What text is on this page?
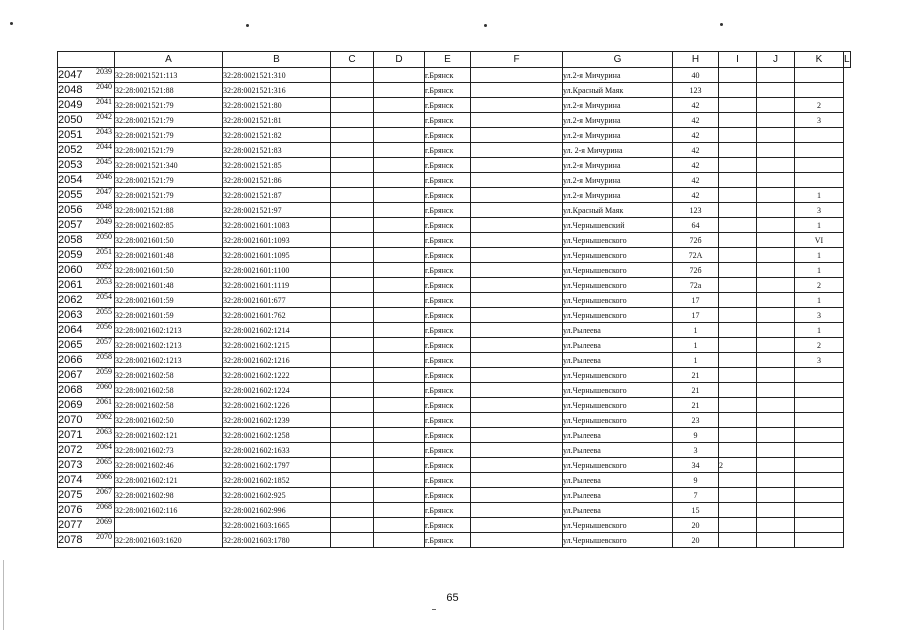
	A	B	C	D	E	F	G	H	I	J	K	L
2047 2039	32:28:0021521:113	32:28:0021521:310			г.Брянск		ул.2-я Мичурина	40				
2048 2040	32:28:0021521:88	32:28:0021521:316			г.Брянск		ул.Красный Маяк	123				
2049 2041	32:28:0021521:79	32:28:0021521:80			г.Брянск		ул.2-я Мичурина	42			2	
2050 2042	32:28:0021521:79	32:28:0021521:81			г.Брянск		ул.2-я Мичурина	42			3	
2051 2043	32:28:0021521:79	32:28:0021521:82			г.Брянск		ул.2-я Мичурина	42				
2052 2044	32:28:0021521:79	32:28:0021521:83			г.Брянск		ул. 2-я Мичурина	42				
2053 2045	32:28:0021521:340	32:28:0021521:85			г.Брянск		ул.2-я Мичурина	42				
2054 2046	32:28:0021521:79	32:28:0021521:86			г.Брянск		ул.2-я Мичурина	42				
2055 2047	32:28:0021521:79	32:28:0021521:87			г.Брянск		ул.2-я Мичурина	42			1	
2056 2048	32:28:0021521:88	32:28:0021521:97			г.Брянск		ул.Красный Маяк	123			3	
2057 2049	32:28:0021602:85	32:28:0021601:1083			г.Брянск		ул.Чернышевский	64			1	
2058 2050	32:28:0021601:50	32:28:0021601:1093			г.Брянск		ул.Чернышевского	72б			VI	
2059 2051	32:28:0021601:48	32:28:0021601:1095			г.Брянск		ул.Чернышевского	72А			1	
2060 2052	32:28:0021601:50	32:28:0021601:1100			г.Брянск		ул.Чернышевского	72б			1	
2061 2053	32:28:0021601:48	32:28:0021601:1119			г.Брянск		ул.Чернышевского	72а			2	
2062 2054	32:28:0021601:59	32:28:0021601:677			г.Брянск		ул.Чернышевского	17			1	
2063 2055	32:28:0021601:59	32:28:0021601:762			г.Брянск		ул.Чернышевского	17			3	
2064 2056	32:28:0021602:1213	32:28:0021602:1214			г.Брянск		ул.Рылеева	1			1	
2065 2057	32:28:0021602:1213	32:28:0021602:1215			г.Брянск		ул.Рылеева	1			2	
2066 2058	32:28:0021602:1213	32:28:0021602:1216			г.Брянск		ул.Рылеева	1			3	
2067 2059	32:28:0021602:58	32:28:0021602:1222			г.Брянск		ул.Чернышевского	21				
2068 2060	32:28:0021602:58	32:28:0021602:1224			г.Брянск		ул.Чернышевского	21				
2069 2061	32:28:0021602:58	32:28:0021602:1226			г.Брянск		ул.Чернышевского	21				
2070 2062	32:28:0021602:50	32:28:0021602:1239			г.Брянск		ул.Чернышевского	23				
2071 2063	32:28:0021602:121	32:28:0021602:1258			г.Брянск		ул.Рылеева	9				
2072 2064	32:28:0021602:73	32:28:0021602:1633			г.Брянск		ул.Рылеева	3				
2073 2065	32:28:0021602:46	32:28:0021602:1797			г.Брянск		ул.Чернышевского	34	2			
2074 2066	32:28:0021602:121	32:28:0021602:1852			г.Брянск		ул.Рылеева	9				
2075 2067	32:28:0021602:98	32:28:0021602:925			г.Брянск		ул.Рылеева	7				
2076 2068	32:28:0021602:116	32:28:0021602:996			г.Брянск		ул.Рылеева	15				
2077 2069		32:28:0021603:1665			г.Брянск		ул.Чернышевского	20				
2078 2070	32:28:0021603:1620	32:28:0021603:1780			г.Брянск		ул.Чернышевского	20				
65
